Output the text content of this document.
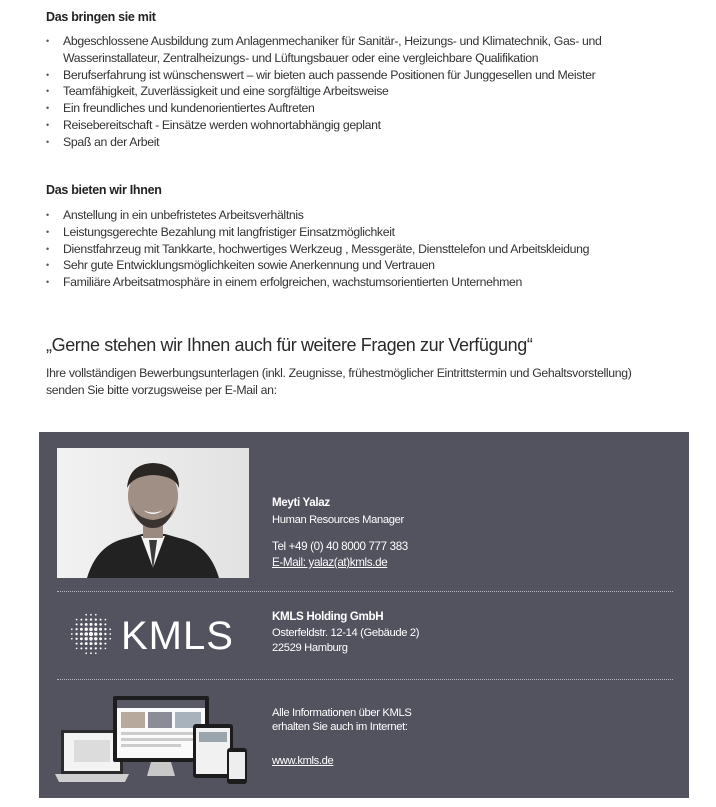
Das bringen sie mit
• Abgeschlossene Ausbildung zum Anlagenmechaniker für Sanitär-, Heizungs- und Klimatechnik, Gas- und
Wasserinstallateur, Zentralheizungs- und Lüftungsbauer oder eine vergleichbare Qualifikation
• Berufserfahrung ist wünschenswert – wir bieten auch passende Positionen für Junggesellen und Meister
• Teamfähigkeit, Zuverlässigkeit und eine sorgfältige Arbeitsweise
• Ein freundliches und kundenorientiertes Auftreten
• Reisebereitschaft - Einsätze werden wohnortabhängig geplant
• Spaß an der Arbeit
Das bieten wir Ihnen
• Anstellung in ein unbefristetes Arbeitsverhältnis
• Leistungsgerechte Bezahlung mit langfristiger Einsatzmöglichkeit
• Dienstfahrzeug mit Tankkarte, hochwertiges Werkzeug , Messgeräte, Diensttelefon und Arbeitskleidung
• Sehr gute Entwicklungsmöglichkeiten sowie Anerkennung und Vertrauen
• Familiäre Arbeitsatmosphäre in einem erfolgreichen, wachstumsorientierten Unternehmen
„Gerne stehen wir Ihnen auch für weitere Fragen zur Verfügung“
Ihre vollständigen Bewerbungsunterlagen (inkl. Zeugnisse, frühestmöglicher Eintrittstermin und Gehaltsvorstellung)
senden Sie bitte vorzugsweise per E-Mail an:
Meyti Yalaz
Human Resources Manager
Tel +49 (0) 40 8000 777 383
E-Mail: yalaz(at)kmls.de
KMLS	KMLS Holding GmbH
Osterfeldstr. 12-14 (Gebäude 2)
22529 Hamburg
Alle Informationen über KMLS
erhalten Sie auch im Internet:
www.kmls.de
